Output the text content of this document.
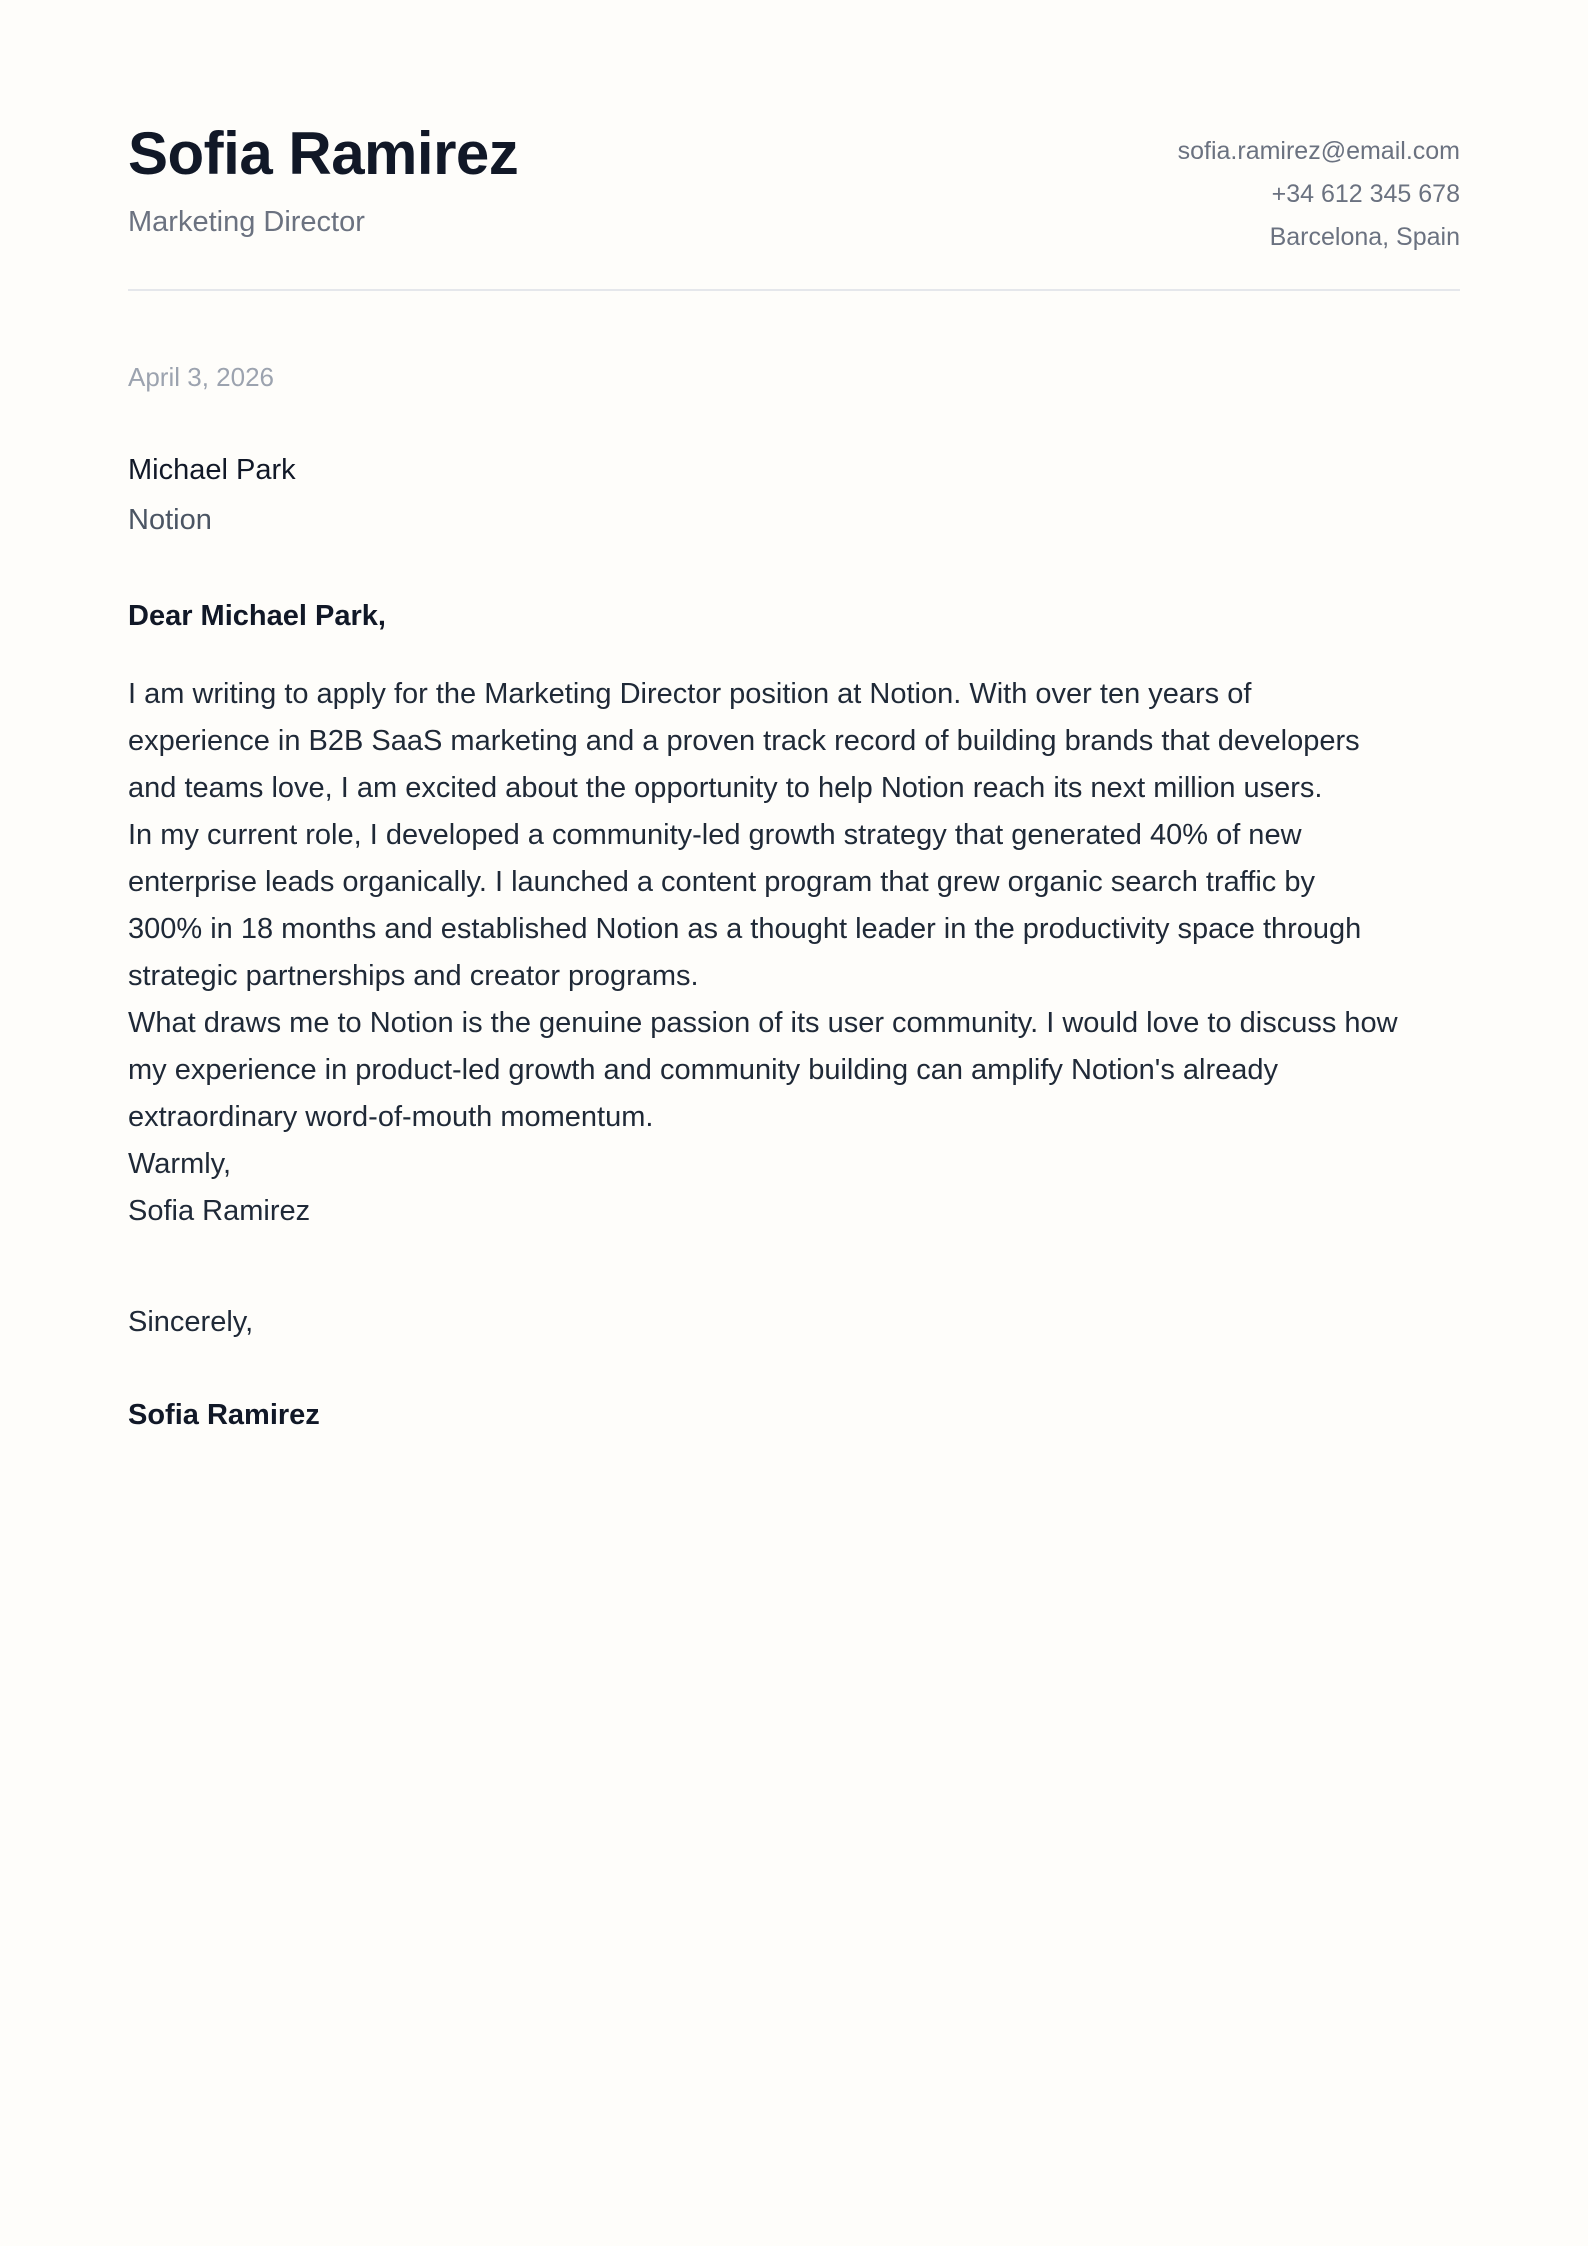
Sofia Ramirez
Marketing Director
sofia.ramirez@email.com
+34 612 345 678
Barcelona, Spain
April 3, 2026
Michael Park
Notion
Dear Michael Park,

I am writing to apply for the Marketing Director position at Notion. With over ten years of

experience in B2B SaaS marketing and a proven track record of building brands that developers

and teams love, I am excited about the opportunity to help Notion reach its next million users.

In my current role, I developed a community-led growth strategy that generated 40% of new

enterprise leads organically. I launched a content program that grew organic search traffic by

300% in 18 months and established Notion as a thought leader in the productivity space through

strategic partnerships and creator programs.

What draws me to Notion is the genuine passion of its user community. I would love to discuss how

my experience in product-led growth and community building can amplify Notion's already

extraordinary word-of-mouth momentum.

Warmly,

Sofia Ramirez

Sincerely,
Sofia Ramirez
